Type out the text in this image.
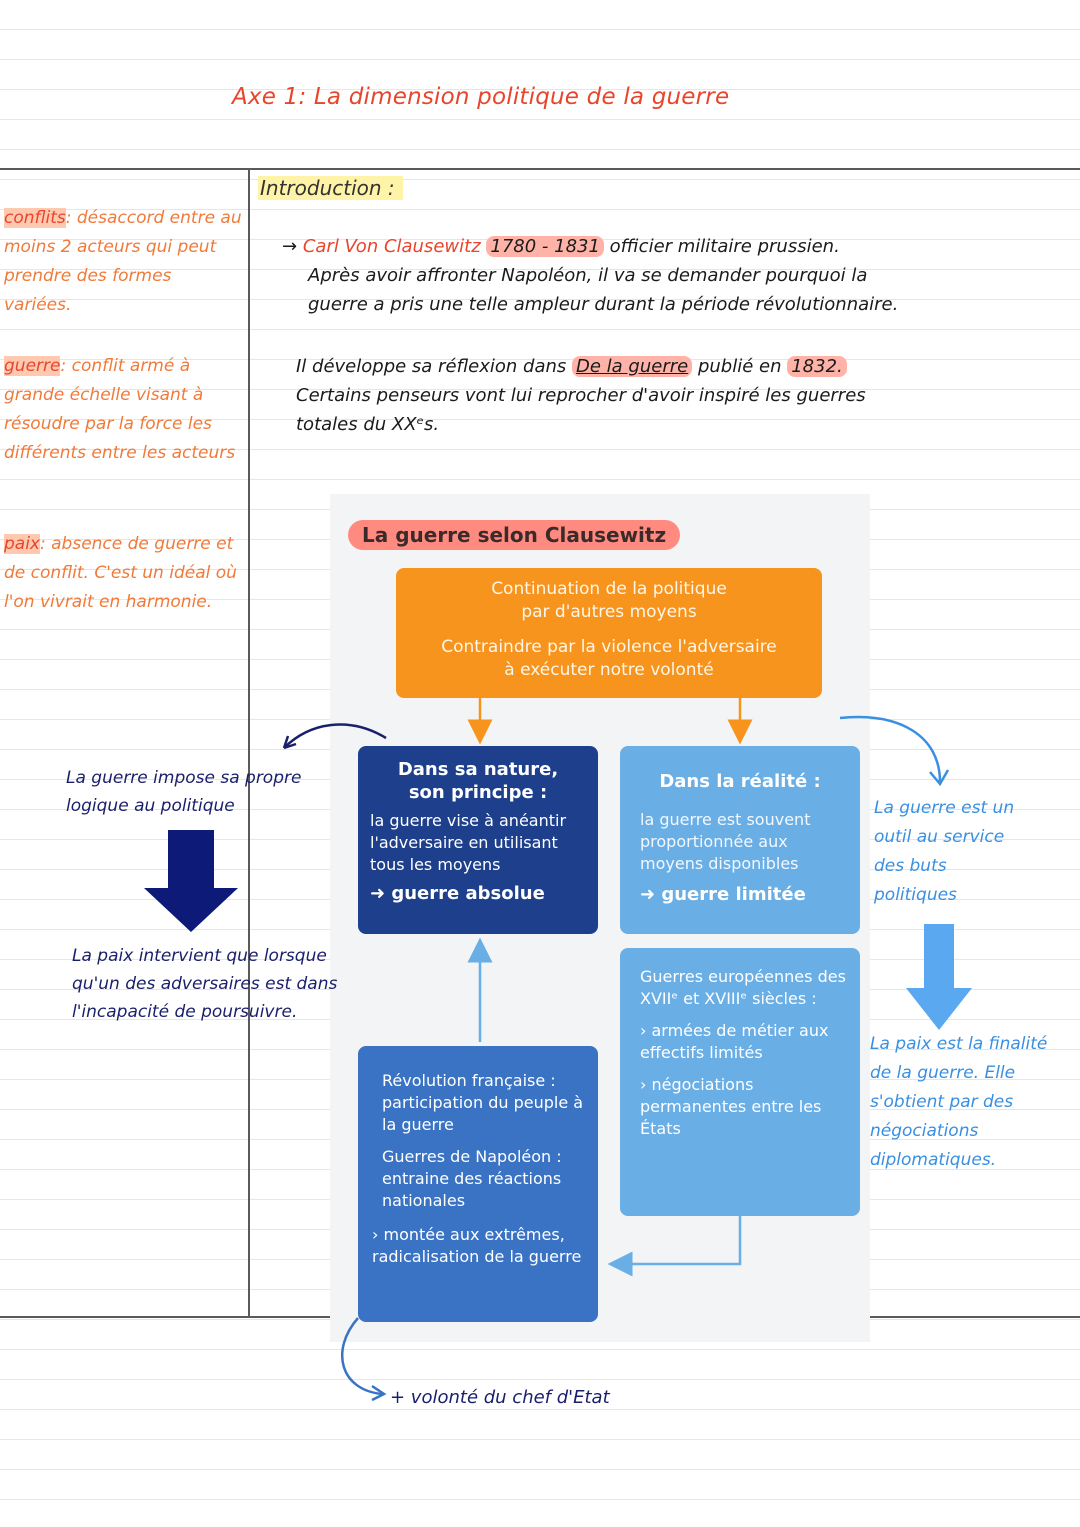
Axe 1: La dimension politique de la guerre
conflits: désaccord entre au moins 2 acteurs qui peut prendre des formes variées.
guerre: conflit armé à grande échelle visant à résoudre par la force les différents entre les acteurs
paix: absence de guerre et de conflit. C'est un idéal où l'on vivrait en harmonie.
Introduction :
→ Carl Von Clausewitz 1780 - 1831 officier militaire prussien.
Après avoir affronter Napoléon, il va se demander pourquoi la
guerre a pris une telle ampleur durant la période révolutionnaire.
Il développe sa réflexion dans De la guerre publié en 1832.
Certains penseurs vont lui reprocher d'avoir inspiré les guerres
totales du XXᵉs.
La guerre selon Clausewitz
Continuation de la politique
par d'autres moyens
Contraindre par la violence l'adversaire
à exécuter notre volonté
Dans sa nature,
son principe :
la guerre vise à anéantir l'adversaire en utilisant tous les moyens
➜ guerre absolue
Dans la réalité :
la guerre est souvent proportionnée aux moyens disponibles
➜ guerre limitée
Guerres européennes des XVIIᵉ et XVIIIᵉ siècles :
› armées de métier aux effectifs limités
› négociations permanentes entre les États
Révolution française : participation du peuple à la guerre
Guerres de Napoléon : entraine des réactions nationales
› montée aux extrêmes, radicalisation de la guerre
La guerre impose sa propre logique au politique
La paix intervient que lorsque qu'un des adversaires est dans l'incapacité de poursuivre.
La guerre est un outil au service des buts politiques
La paix est la finalité de la guerre. Elle s'obtient par des négociations diplomatiques.
+ volonté du chef d'Etat
